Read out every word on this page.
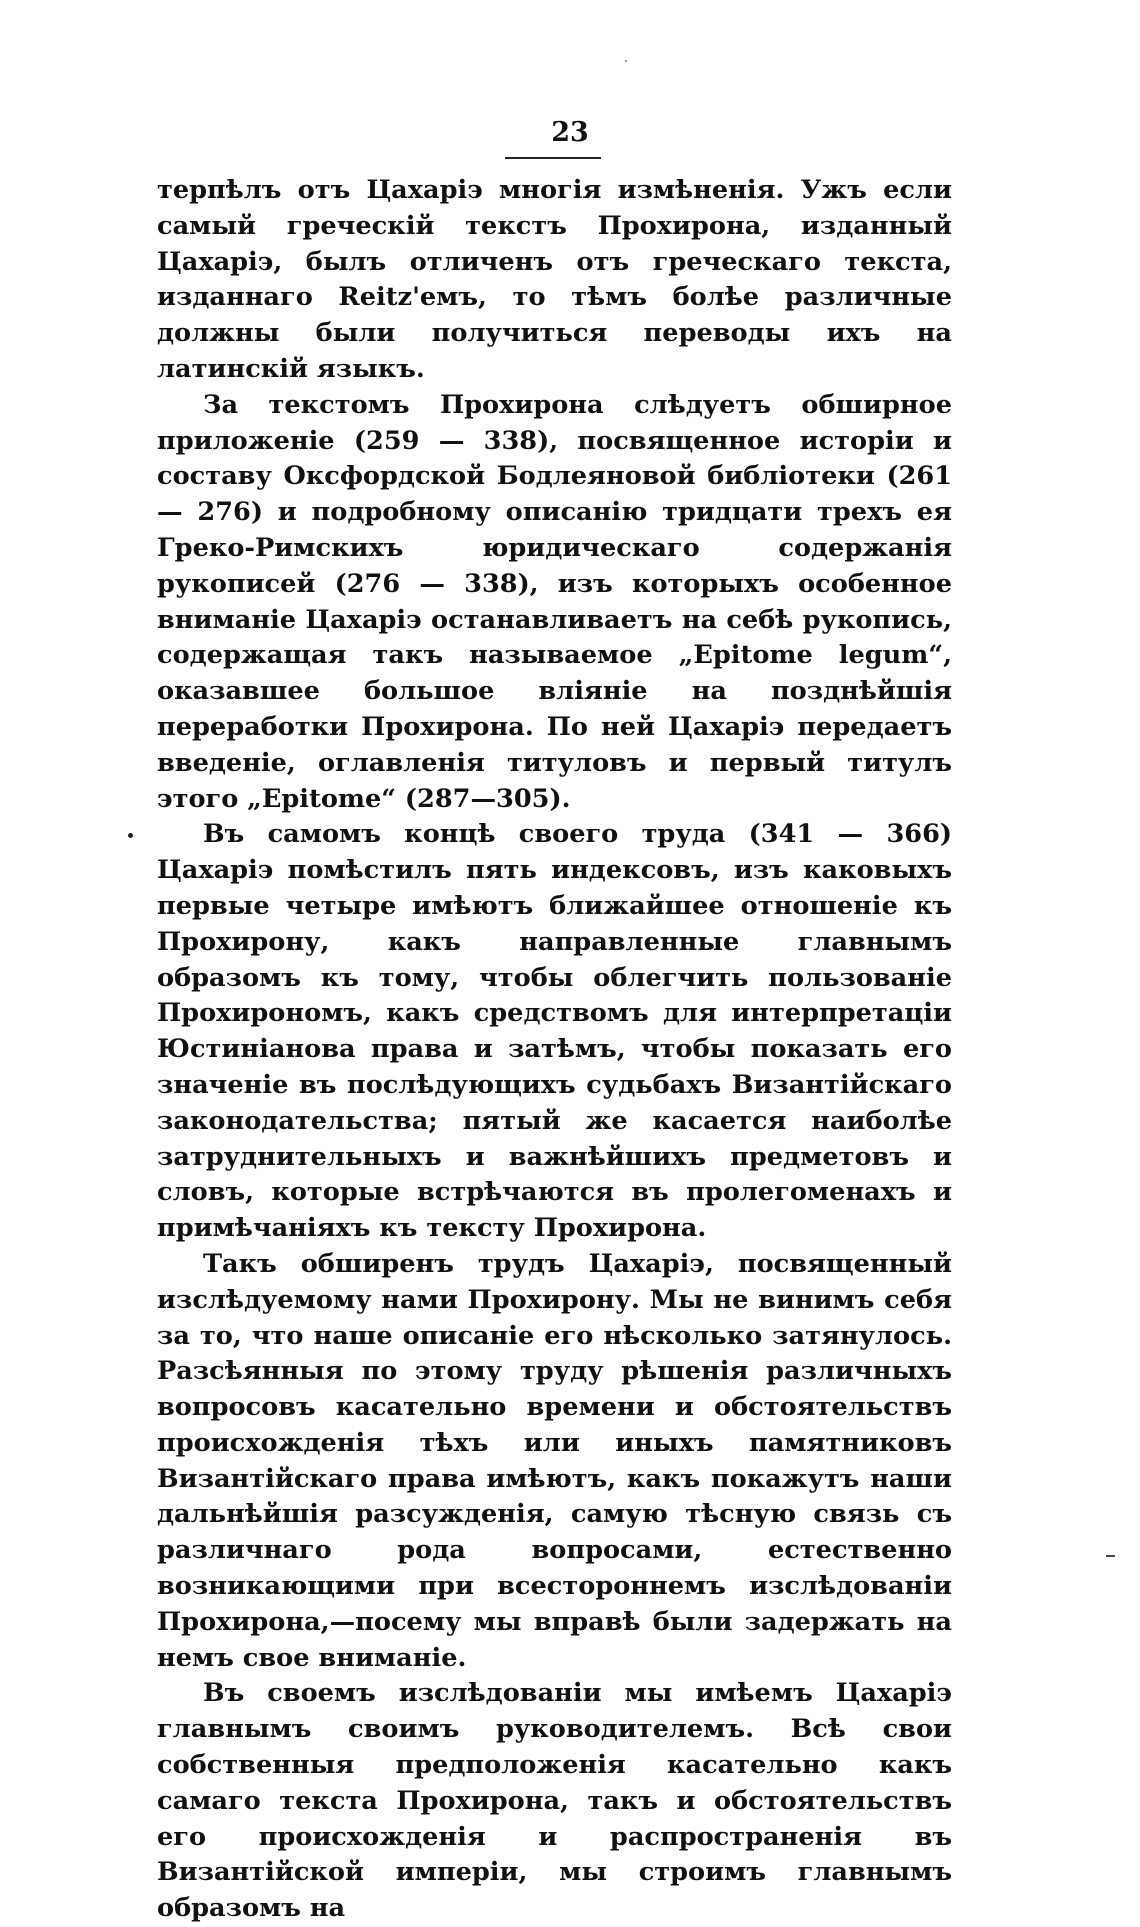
23

терпѣлъ отъ Цахаріэ многія измѣненія. Ужъ если самый греческій текстъ Прохирона, изданный Цахаріэ, былъ отличенъ отъ греческаго текста, изданнаго Reitz'емъ, то тѣмъ болѣе различные должны были получиться переводы ихъ на латинскій языкъ.

За текстомъ Прохирона слѣдуетъ обширное приложеніе (259 — 338), посвященное исторіи и составу Оксфордской Бодлеяновой библіотеки (261 — 276) и подробному описанію тридцати трехъ ея Греко-Римскихъ юридическаго содержанія рукописей (276 — 338), изъ которыхъ особенное вниманіе Цахаріэ останавливаетъ на себѣ рукопись, содержащая такъ называемое „Epitome legum“, оказавшее большое вліяніе на позднѣйшія переработки Прохирона. По ней Цахаріэ передаетъ введеніе, оглавленія титуловъ и первый титулъ этого „Epitome“ (287—305).

Въ самомъ концѣ своего труда (341 — 366) Цахаріэ помѣстилъ пять индексовъ, изъ каковыхъ первые четыре имѣютъ ближайшее отношеніе къ Прохирону, какъ направленные главнымъ образомъ къ тому, чтобы облегчить пользованіе Прохирономъ, какъ средствомъ для интерпретаціи Юстиніанова права и затѣмъ, чтобы показать его значеніе въ послѣдующихъ судьбахъ Византійскаго законодательства; пятый же касается наиболѣе затруднительныхъ и важнѣйшихъ предметовъ и словъ, которые встрѣчаются въ пролегоменахъ и примѣчаніяхъ къ тексту Прохирона.

Такъ обширенъ трудъ Цахаріэ, посвященный изслѣдуемому нами Прохирону. Мы не винимъ себя за то, что наше описаніе его нѣсколько затянулось. Разсѣянныя по этому труду рѣшенія различныхъ вопросовъ касательно времени и обстоятельствъ происхожденія тѣхъ или иныхъ памятниковъ Византійскаго права имѣютъ, какъ покажутъ наши дальнѣйшія разсужденія, самую тѣсную связь съ различнаго рода вопросами, естественно возникающими при всестороннемъ изслѣдованіи Прохирона,—посему мы вправѣ были задержать на немъ свое вниманіе.

Въ своемъ изслѣдованіи мы имѣемъ Цахаріэ главнымъ своимъ руководителемъ. Всѣ свои собственныя предположенія касательно какъ самаго текста Прохирона, такъ и обстоятельствъ его происхожденія и распространенія въ Византійской имперіи, мы строимъ главнымъ образомъ на
